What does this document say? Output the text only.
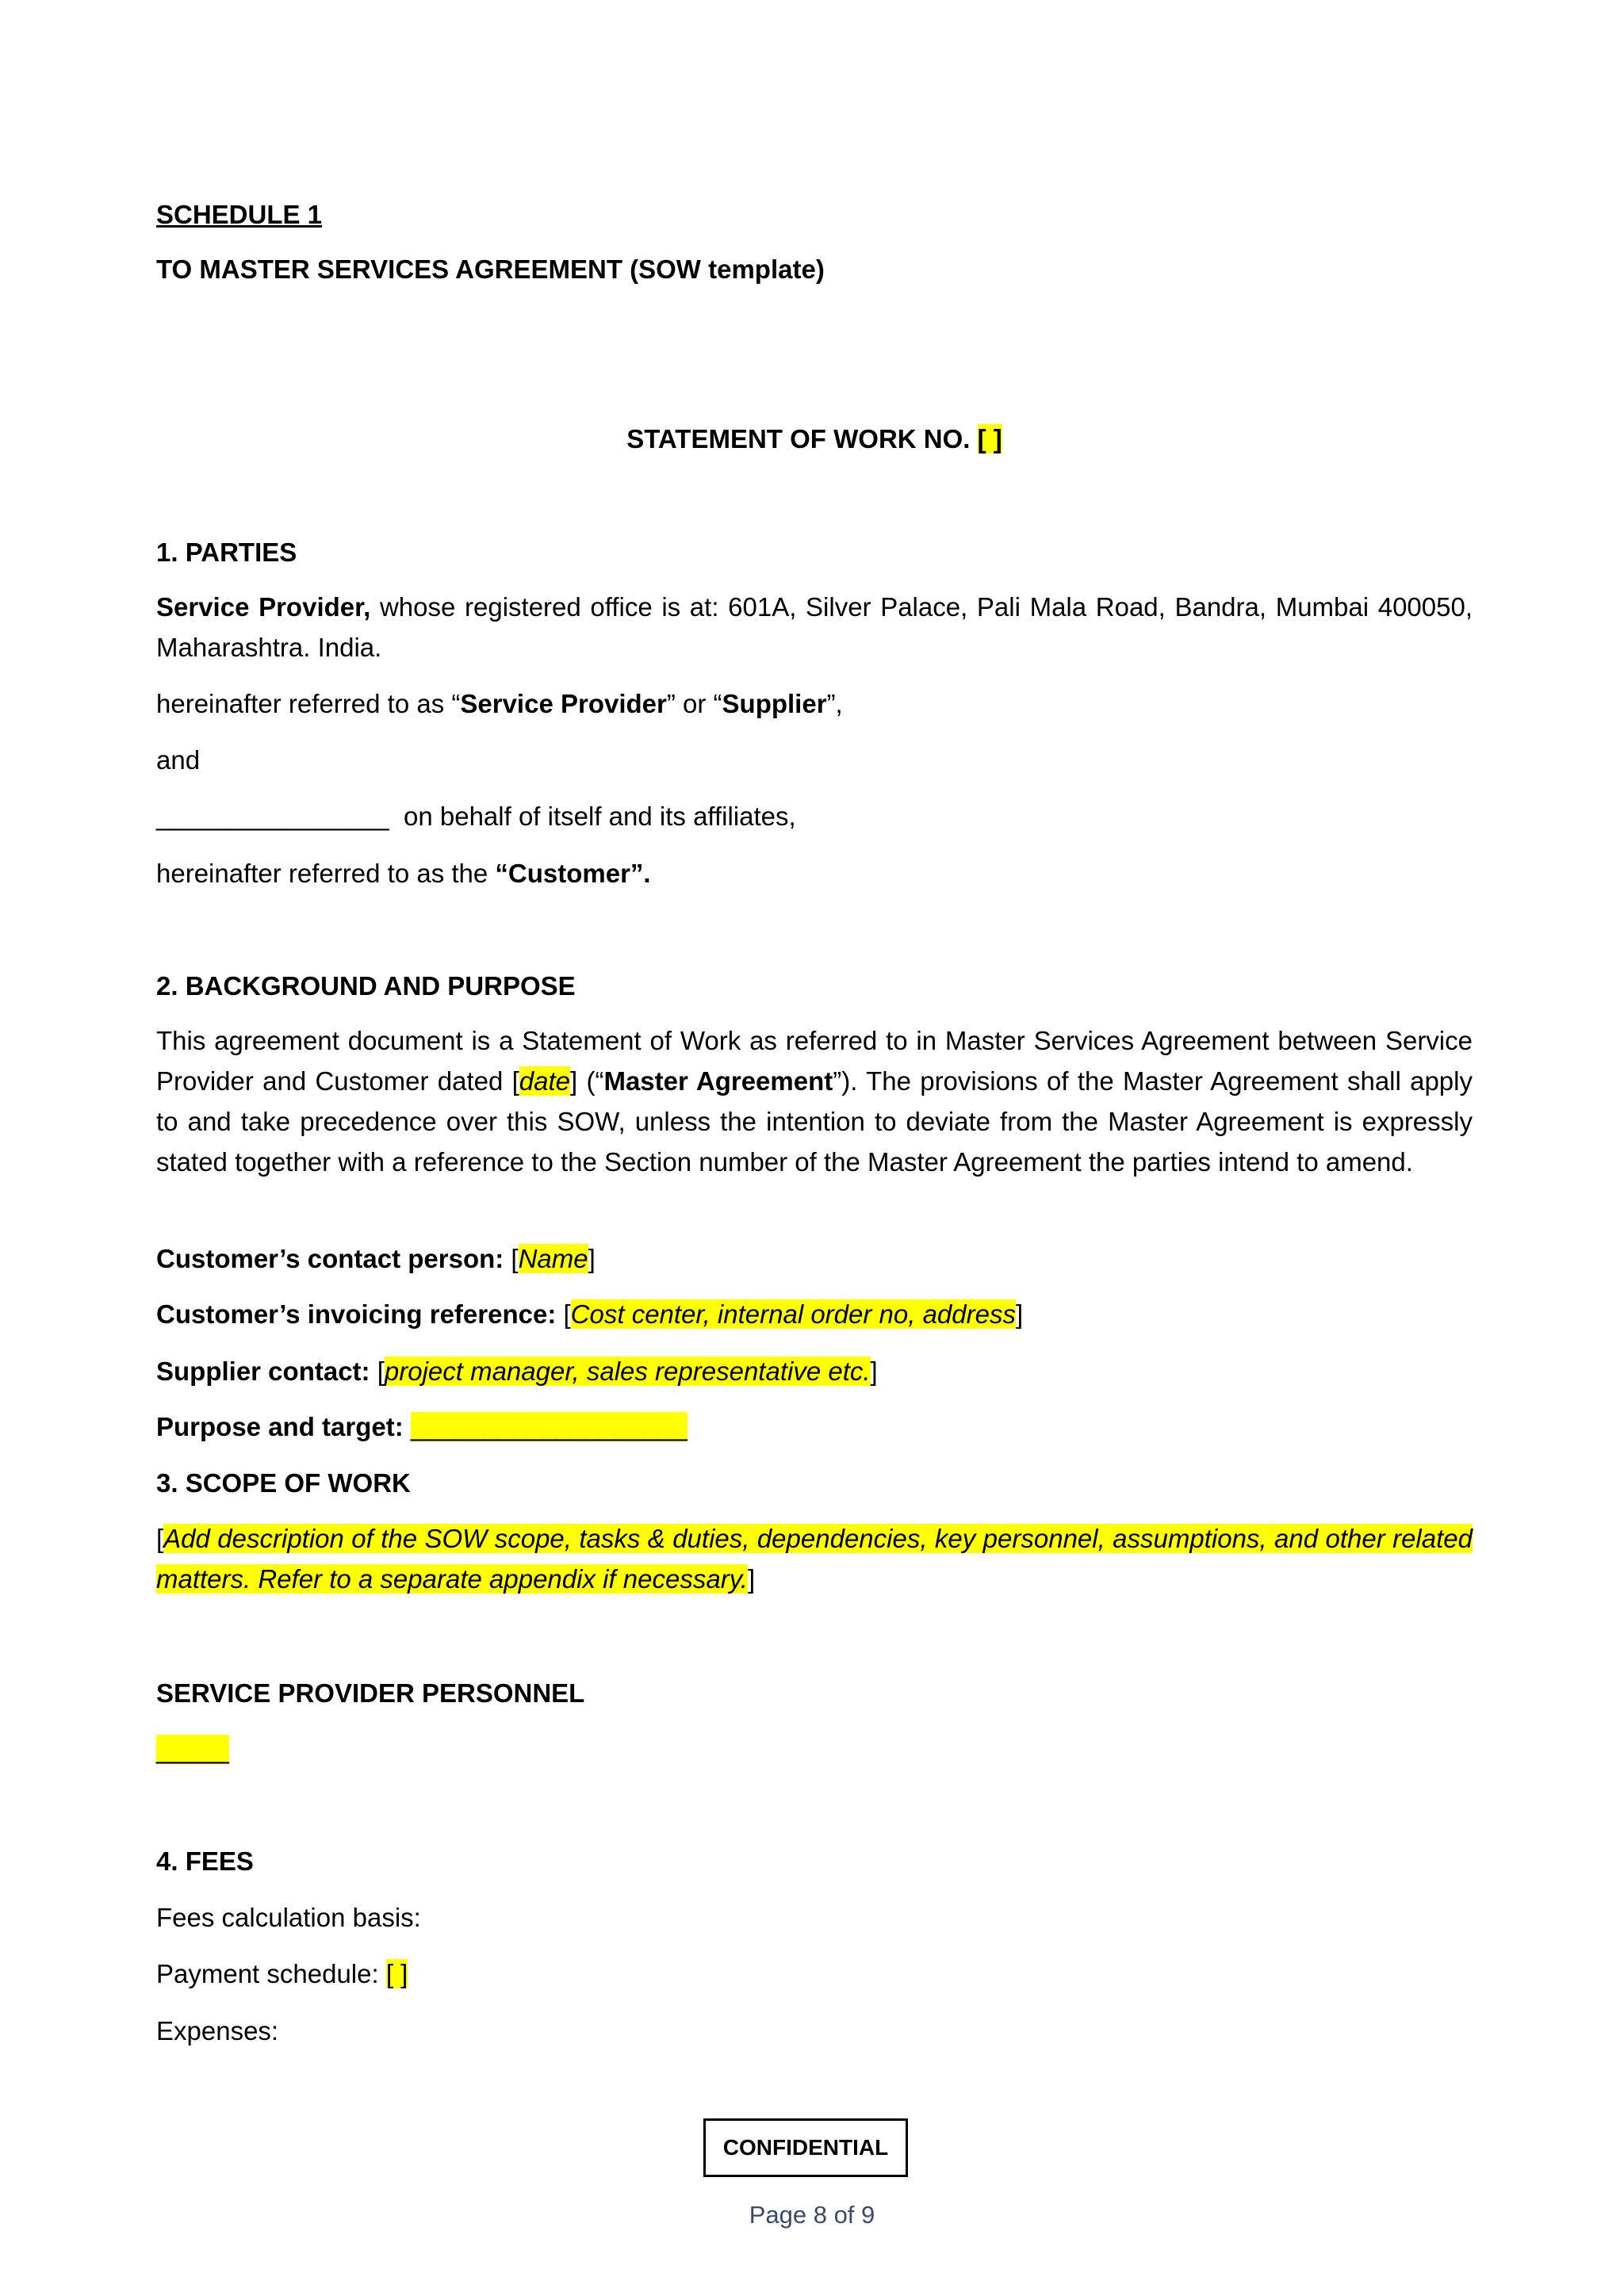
SCHEDULE 1
TO MASTER SERVICES AGREEMENT (SOW template)
STATEMENT OF WORK NO. [ ]
1. PARTIES
Service Provider, whose registered office is at: 601A, Silver Palace, Pali Mala Road, Bandra, Mumbai 400050, Maharashtra. India.
hereinafter referred to as “Service Provider” or “Supplier”,
and
________________ on behalf of itself and its affiliates,
hereinafter referred to as the “Customer”.
2. BACKGROUND AND PURPOSE
This agreement document is a Statement of Work as referred to in Master Services Agreement between Service Provider and Customer dated [date] (“Master Agreement”). The provisions of the Master Agreement shall apply to and take precedence over this SOW, unless the intention to deviate from the Master Agreement is expressly stated together with a reference to the Section number of the Master Agreement the parties intend to amend.
Customer’s contact person: [Name]
Customer’s invoicing reference: [Cost center, internal order no, address]
Supplier contact: [project manager, sales representative etc.]
Purpose and target: ___________________
3. SCOPE OF WORK
[Add description of the SOW scope, tasks & duties, dependencies, key personnel, assumptions, and other related matters. Refer to a separate appendix if necessary.]
SERVICE PROVIDER PERSONNEL
_____
4. FEES
Fees calculation basis:
Payment schedule: [ ]
Expenses:
CONFIDENTIAL
Page 8 of 9
